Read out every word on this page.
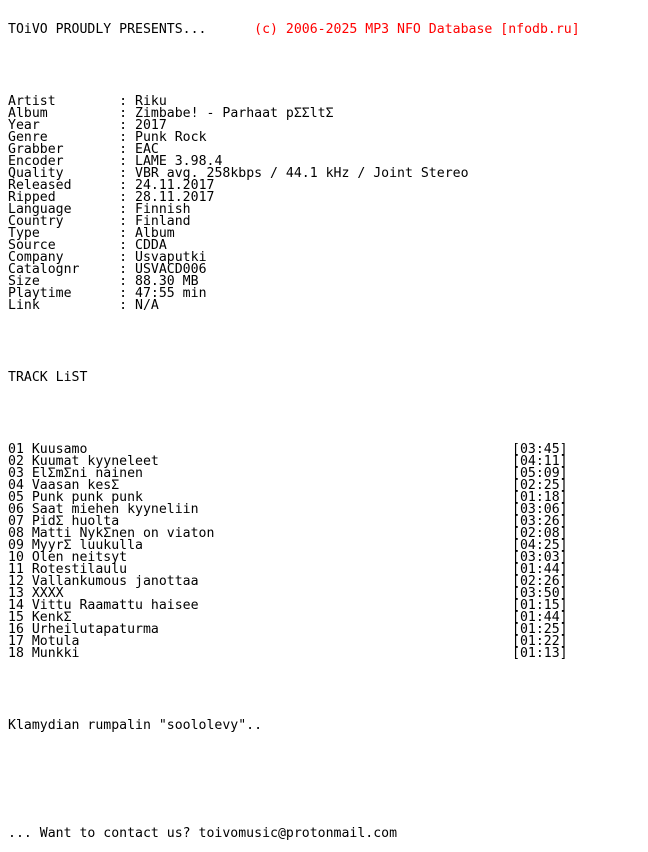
TOiVO PROUDLY PRESENTS...	(c) 2006-2025 MP3 NFO Database [nfodb.ru]

Artist        : Riku
Album         : Zimbabe! - Parhaat pΣΣltΣ
Year          : 2017
Genre         : Punk Rock
Grabber       : EAC
Encoder       : LAME 3.98.4
Quality       : VBR avg. 258kbps / 44.1 kHz / Joint Stereo
Released      : 24.11.2017
Ripped        : 28.11.2017
Language      : Finnish
Country       : Finland
Type          : Album
Source        : CDDA
Company       : Usvaputki
Catalognr     : USVACD006
Size          : 88.30 MB
Playtime      : 47:55 min
Link          : N/A

TRACK LiST

01 Kuusamo	[03:45]
02 Kuumat kyyneleet	[04:11]
03 ElΣmΣni nainen	[05:09]
04 Vaasan kesΣ	[02:25]
05 Punk punk punk	[01:18]
06 Saat miehen kyyneliin	[03:06]
07 PidΣ huolta	[03:26]
08 Matti NykΣnen on viaton	[02:08]
09 MyyrΣ luukulla	[04:25]
10 Olen neitsyt	[03:03]
11 Rotestilaulu	[01:44]
12 Vallankumous janottaa	[02:26]
13 XXXX	[03:50]
14 Vittu Raamattu haisee	[01:15]
15 KenkΣ	[01:44]
16 Urheilutapaturma	[01:25]
17 Motula	[01:22]
18 Munkki	[01:13]

Klamydian rumpalin "soololevy"..

... Want to contact us? toivomusic@protonmail.com
